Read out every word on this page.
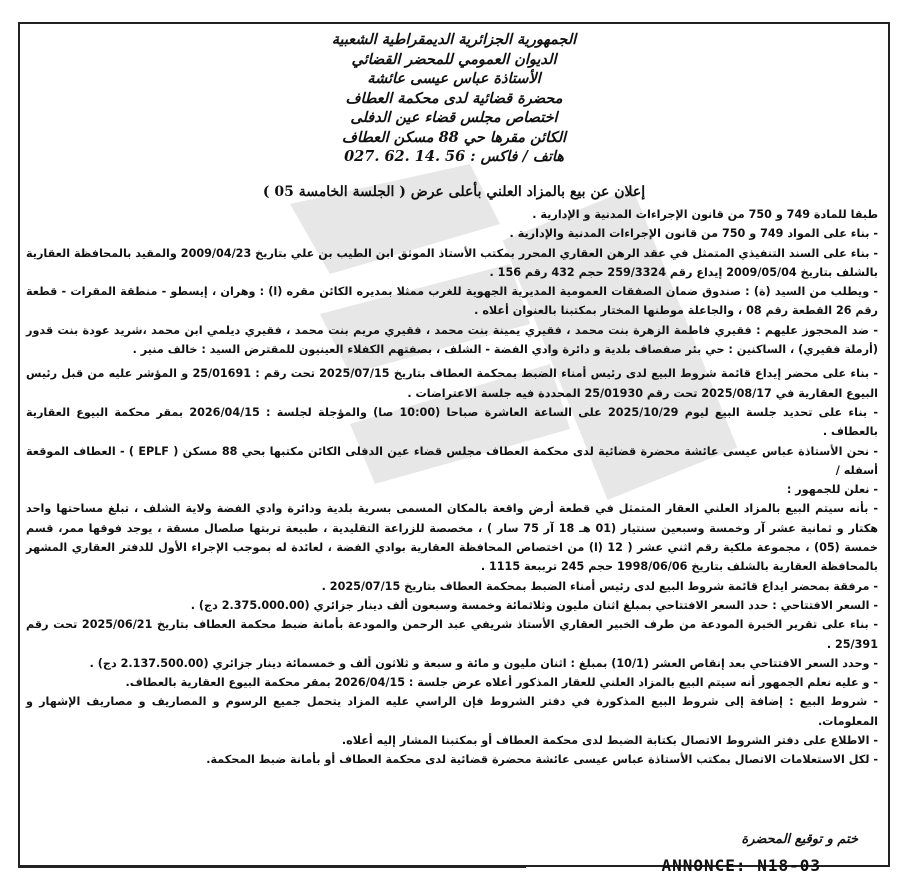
الجمهورية الجزائرية الديمقراطية الشعبية
الديوان العمومي للمحضر القضائي
الأستاذة عباس عيسى عائشة
محضرة قضائية لدى محكمة العطاف
اختصاص مجلس قضاء عين الدفلى
الكائن مقرها حي 88 مسكن العطاف
هاتف / فاكس : 56 .14 .62 .027
إعلان عن بيع بالمزاد العلني بأعلى عرض ( الجلسة الخامسة 05 )

طبقا للمادة 749 و 750 من قانون الإجراءات المدنية و الإدارية .

- بناء على المواد 749 و 750 من قانون الإجراءات المدنية والإدارية .

- بناء على السند التنفيذي المتمثل في عقد الرهن العقاري المحرر بمكتب الأستاذ الموثق ابن الطيب بن علي بتاريخ 2009/04/23 والمقيد بالمحافظة العقارية بالشلف بتاريخ 2009/05/04 إيداع رقم 259/3324 حجم 432 رقم 156 .

- ويطلب من السيد (ة) : صندوق ضمان الصفقات العمومية المديرية الجهوية للغرب ممثلا بمديره الكائن مقره (ا) : وهران ، إيسطو - منطقة المقرات - قطعة رقم 26 القطعة رقم 08 ، والجاعلة موطنها المختار بمكتبنا بالعنوان أعلاه .

- ضد المحجوز عليهم : فقيري فاطمة الزهرة بنت محمد ، فقيري يمينة بنت محمد ، فقيري مريم بنت محمد ، فقيري ديلمي ابن محمد ،شريد عودة بنت قدور (أرملة فقيري) ، الساكنين : حي بئر صفصاف بلدية و دائرة وادي الفضة - الشلف ، بصفتهم الكفلاء العينيون للمقترض السيد : خالف منير .

- بناء على محضر إيداع قائمة شروط البيع لدى رئيس أمناء الضبط بمحكمة العطاف بتاريخ 2025/07/15 تحت رقم : 25/01691 و المؤشر عليه من قبل رئيس البيوع العقارية في 2025/08/17 تحت رقم 25/01930 المحددة فيه جلسة الاعتراضات .

- بناء على تحديد جلسة البيع ليوم 2025/10/29 على الساعة العاشرة صباحا (10:00 صا) والمؤجلة لجلسة : 2026/04/15 بمقر محكمة البيوع العقارية بالعطاف .

- نحن الأستاذة عباس عيسى عائشة محضرة قضائية لدى محكمة العطاف مجلس قضاء عين الدفلى الكائن مكتبها بحي 88 مسكن ( EPLF ) - العطاف الموقعة أسفله /

- نعلن للجمهور :

- بأنه سيتم البيع بالمزاد العلني العقار المتمثل في قطعة أرض واقعة بالمكان المسمى بسرية بلدية ودائرة وادي الفضة ولاية الشلف ، تبلغ مساحتها واحد هكتار و ثمانية عشر آر وخمسة وسبعين سنتيار (01 هـ 18 آر 75 سار ) ، مخصصة للزراعة التقليدية ، طبيعة تربتها صلصال مسقة ، يوجد فوقها ممر، قسم خمسة (05) ، مجموعة ملكية رقم اثني عشر ( 12 (ا) من اختصاص المحافظة العقارية بوادي الفضة ، لعائدة له بموجب الإجراء الأول للدفتر العقاري المشهر بالمحافظة العقارية بالشلف بتاريخ 1998/06/06 حجم 245 ترببعة 1115 .

- مرفقة بمحضر ايداع قائمة شروط البيع لدى رئيس أمناء الضبط بمحكمة العطاف بتاريخ 2025/07/15 .

- السعر الافتتاحي : حدد السعر الافتتاحي بمبلغ اثنان مليون وثلاثمائة وخمسة وسبعون ألف دينار جزائري (2.375.000.00 دج) .

- بناء على تقرير الخبرة المودعة من طرف الخبير العقاري الأستاذ شريفي عبد الرحمن والمودعة بأمانة ضبط محكمة العطاف بتاريخ 2025/06/21 تحت رقم 25/391 .

- وحدد السعر الافتتاحي بعد إنقاص العشر (10/1) بمبلغ : اثنان مليون و مائة و سبعة و ثلاثون ألف و خمسمائة دينار جزائري (2.137.500.00 دج) .

- و عليه نعلم الجمهور أنه سيتم البيع بالمزاد العلني للعقار المذكور أعلاه عرض جلسة : 2026/04/15 بمقر محكمة البيوع العقارية بالعطاف.

- شروط البيع : إضافة إلى شروط البيع المذكورة في دفتر الشروط فإن الراسي عليه المزاد يتحمل جميع الرسوم و المصاريف و مصاريف الإشهار و المعلومات.

- الاطلاع على دفتر الشروط الاتصال بكتابة الضبط لدى محكمة العطاف أو بمكتبنا المشار إليه أعلاه.

- لكل الاستعلامات الاتصال بمكتب الأستاذة عباس عيسى عائشة محضرة قضائية لدى محكمة العطاف أو بأمانة ضبط المحكمة.

ختم و توقيع المحضرة
ANNONCE: N18-03
